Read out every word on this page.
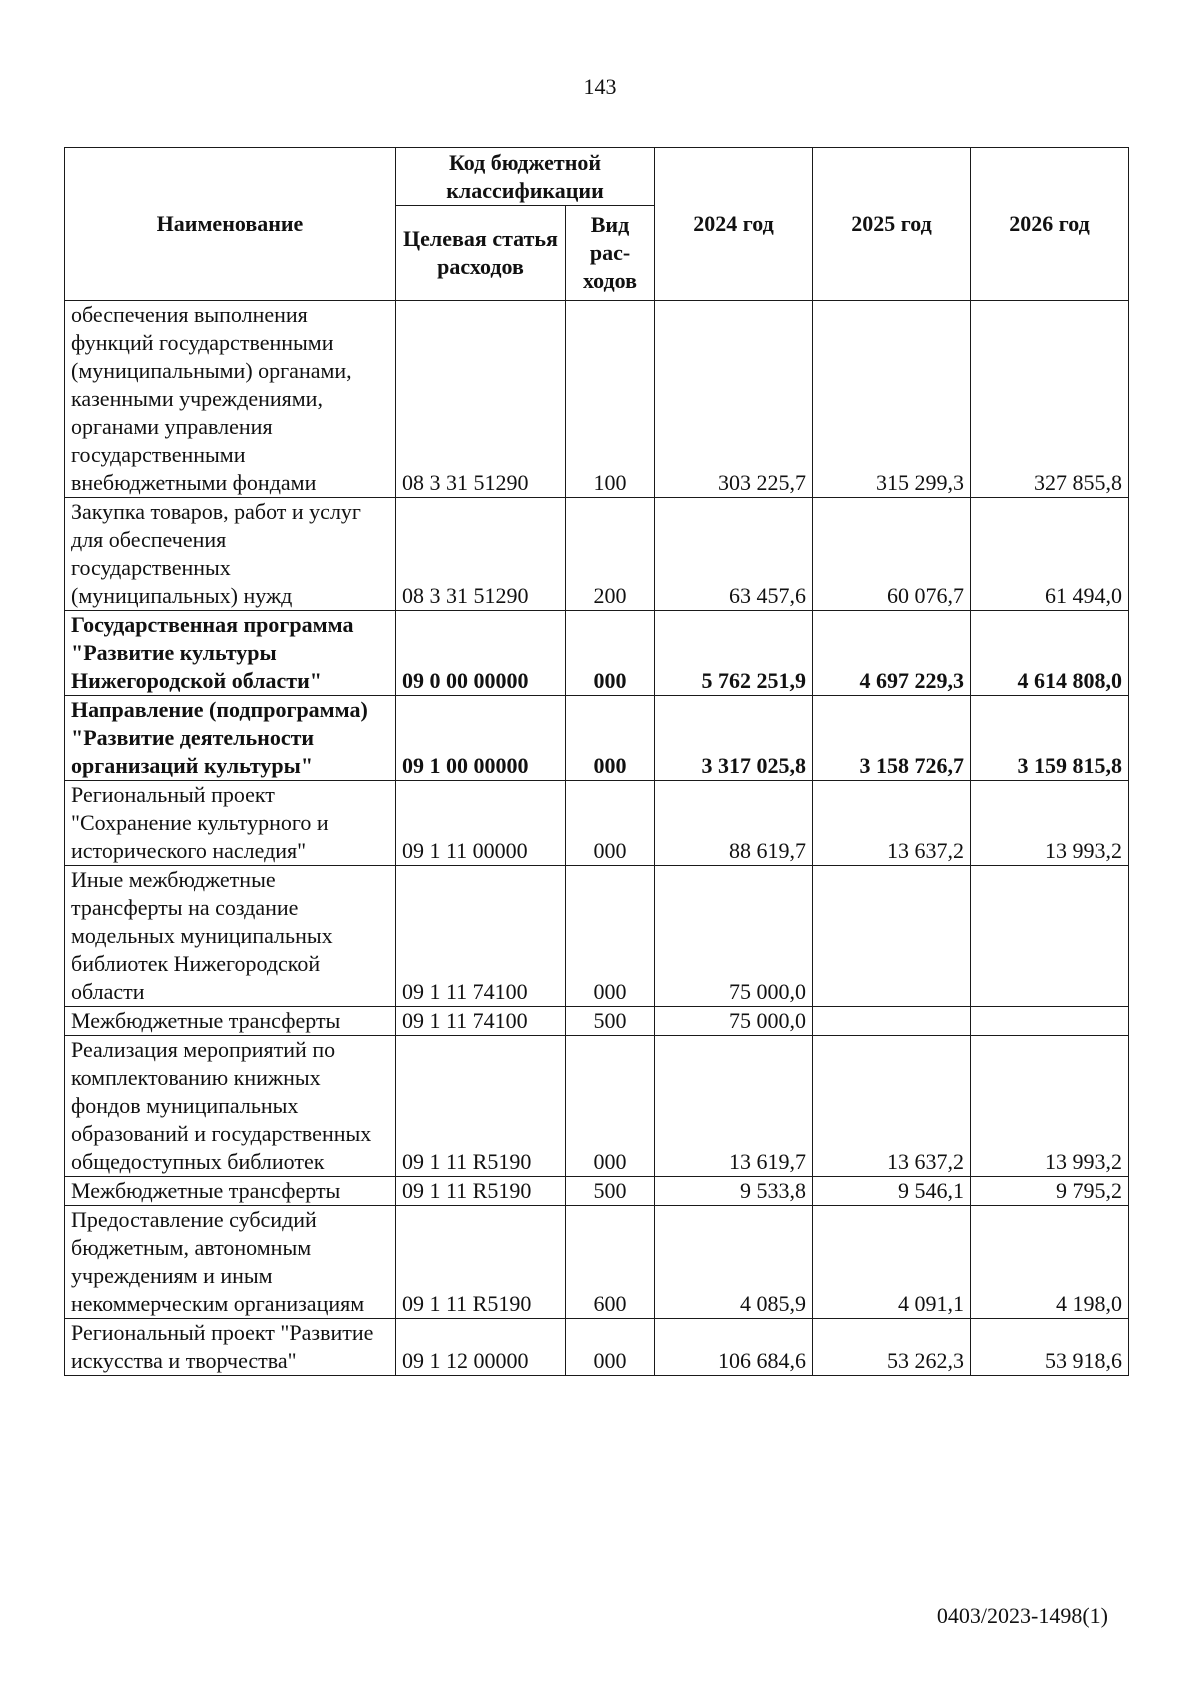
143
Наименование	Код бюджетной классификации		2024 год	2025 год	2026 год
	Целевая статья расходов	Вид рас-ходов			
обеспечения выполнения функций государственными (муниципальными) органами, казенными учреждениями, органами управления государственными внебюджетными фондами	08 3 31 51290	100	303 225,7	315 299,3	327 855,8
Закупка товаров, работ и услуг для обеспечения государственных (муниципальных) нужд	08 3 31 51290	200	63 457,6	60 076,7	61 494,0
Государственная программа "Развитие культуры Нижегородской области"	09 0 00 00000	000	5 762 251,9	4 697 229,3	4 614 808,0
Направление (подпрограмма) "Развитие деятельности организаций культуры"	09 1 00 00000	000	3 317 025,8	3 158 726,7	3 159 815,8
Региональный проект "Сохранение культурного и исторического наследия"	09 1 11 00000	000	88 619,7	13 637,2	13 993,2
Иные межбюджетные трансферты на создание модельных муниципальных библиотек Нижегородской области	09 1 11 74100	000	75 000,0		
Межбюджетные трансферты	09 1 11 74100	500	75 000,0		
Реализация мероприятий по комплектованию книжных фондов муниципальных образований и государственных общедоступных библиотек	09 1 11 R5190	000	13 619,7	13 637,2	13 993,2
Межбюджетные трансферты	09 1 11 R5190	500	9 533,8	9 546,1	9 795,2
Предоставление субсидий бюджетным, автономным учреждениям и иным некоммерческим организациям	09 1 11 R5190	600	4 085,9	4 091,1	4 198,0
Региональный проект "Развитие искусства и творчества"	09 1 12 00000	000	106 684,6	53 262,3	53 918,6
0403/2023-1498(1)
